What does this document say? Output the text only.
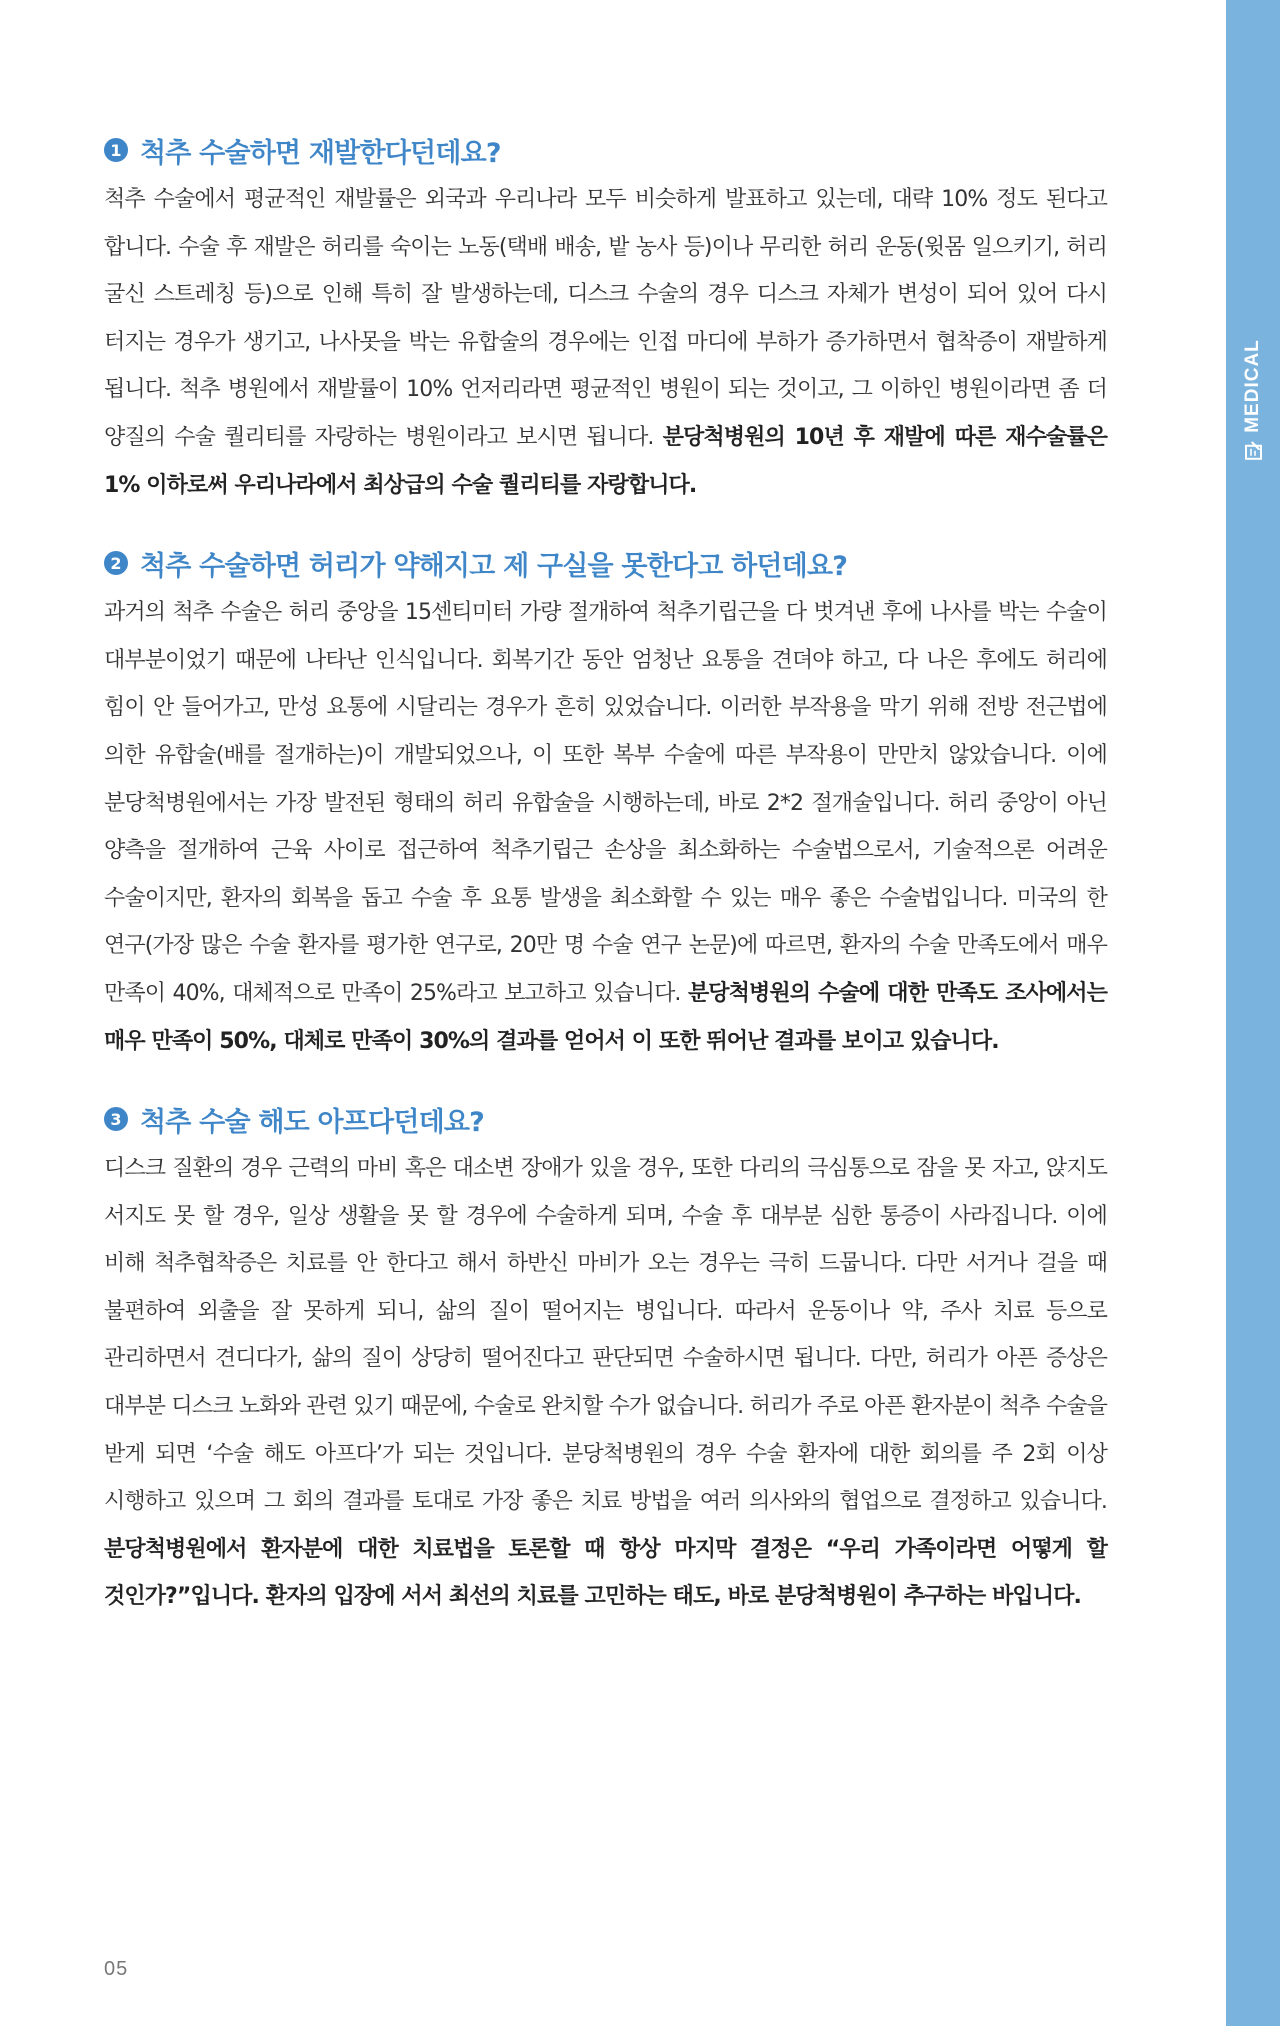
1 척추 수술하면 재발한다던데요?

척추 수술에서 평균적인 재발률은 외국과 우리나라 모두 비슷하게 발표하고 있는데, 대략 10% 정도 된다고 합니다. 수술 후 재발은 허리를 숙이는 노동(택배 배송, 밭 농사 등)이나 무리한 허리 운동(윗몸 일으키기, 허리 굴신 스트레칭 등)으로 인해 특히 잘 발생하는데, 디스크 수술의 경우 디스크 자체가 변성이 되어 있어 다시 터지는 경우가 생기고, 나사못을 박는 유합술의 경우에는 인접 마디에 부하가 증가하면서 협착증이 재발하게 됩니다. 척추 병원에서 재발률이 10% 언저리라면 평균적인 병원이 되는 것이고, 그 이하인 병원이라면 좀 더 양질의 수술 퀄리티를 자랑하는 병원이라고 보시면 됩니다. 분당척병원의 10년 후 재발에 따른 재수술률은 1% 이하로써 우리나라에서 최상급의 수술 퀄리티를 자랑합니다.

2 척추 수술하면 허리가 약해지고 제 구실을 못한다고 하던데요?

과거의 척추 수술은 허리 중앙을 15센티미터 가량 절개하여 척추기립근을 다 벗겨낸 후에 나사를 박는 수술이 대부분이었기 때문에 나타난 인식입니다. 회복기간 동안 엄청난 요통을 견뎌야 하고, 다 나은 후에도 허리에 힘이 안 들어가고, 만성 요통에 시달리는 경우가 흔히 있었습니다. 이러한 부작용을 막기 위해 전방 전근법에 의한 유합술(배를 절개하는)이 개발되었으나, 이 또한 복부 수술에 따른 부작용이 만만치 않았습니다. 이에 분당척병원에서는 가장 발전된 형태의 허리 유합술을 시행하는데, 바로 2*2 절개술입니다. 허리 중앙이 아닌 양측을 절개하여 근육 사이로 접근하여 척추기립근 손상을 최소화하는 수술법으로서, 기술적으론 어려운 수술이지만, 환자의 회복을 돕고 수술 후 요통 발생을 최소화할 수 있는 매우 좋은 수술법입니다. 미국의 한 연구(가장 많은 수술 환자를 평가한 연구로, 20만 명 수술 연구 논문)에 따르면, 환자의 수술 만족도에서 매우 만족이 40%, 대체적으로 만족이 25%라고 보고하고 있습니다. 분당척병원의 수술에 대한 만족도 조사에서는 매우 만족이 50%, 대체로 만족이 30%의 결과를 얻어서 이 또한 뛰어난 결과를 보이고 있습니다.

3 척추 수술 해도 아프다던데요?

디스크 질환의 경우 근력의 마비 혹은 대소변 장애가 있을 경우, 또한 다리의 극심통으로 잠을 못 자고, 앉지도 서지도 못 할 경우, 일상 생활을 못 할 경우에 수술하게 되며, 수술 후 대부분 심한 통증이 사라집니다. 이에 비해 척추협착증은 치료를 안 한다고 해서 하반신 마비가 오는 경우는 극히 드뭅니다. 다만 서거나 걸을 때 불편하여 외출을 잘 못하게 되니, 삶의 질이 떨어지는 병입니다. 따라서 운동이나 약, 주사 치료 등으로 관리하면서 견디다가, 삶의 질이 상당히 떨어진다고 판단되면 수술하시면 됩니다. 다만, 허리가 아픈 증상은 대부분 디스크 노화와 관련 있기 때문에, 수술로 완치할 수가 없습니다. 허리가 주로 아픈 환자분이 척추 수술을 받게 되면 ‘수술 해도 아프다’가 되는 것입니다. 분당척병원의 경우 수술 환자에 대한 회의를 주 2회 이상 시행하고 있으며 그 회의 결과를 토대로 가장 좋은 치료 방법을 여러 의사와의 협업으로 결정하고 있습니다. 분당척병원에서 환자분에 대한 치료법을 토론할 때 항상 마지막 결정은 “우리 가족이라면 어떻게 할 것인가?”입니다. 환자의 입장에 서서 최선의 치료를 고민하는 태도, 바로 분당척병원이 추구하는 바입니다.

MEDICAL
05
